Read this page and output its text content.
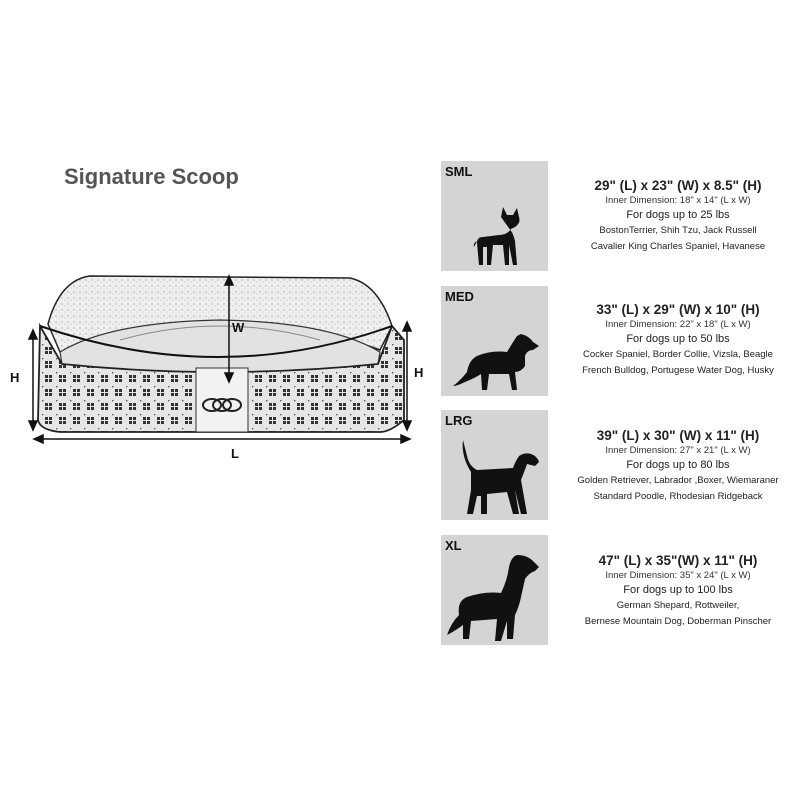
Signature Scoop
W
H	H
L
SML
MED
LRG
XL
29" (L) x 23" (W) x 8.5" (H)
Inner Dimension: 18" x 14" (L x W)
For dogs up to 25 lbs
BostonTerrier, Shih Tzu, Jack Russell
Cavalier King Charles Spaniel, Havanese
33" (L) x 29" (W) x 10" (H)
Inner Dimension: 22" x 18" (L x W)
For dogs up to 50 lbs
Cocker Spaniel, Border Collie, Vizsla, Beagle
French Bulldog, Portugese Water Dog, Husky
39" (L) x 30" (W) x 11" (H)
Inner Dimension: 27" x 21" (L x W)
For dogs up to 80 lbs
Golden Retriever, Labrador ,Boxer, Wiemaraner
Standard Poodle, Rhodesian Ridgeback
47" (L) x 35"(W) x 11" (H)
Inner Dimension: 35" x 24" (L x W)
For dogs up to 100 lbs
German Shepard, Rottweiler,
Bernese Mountain Dog, Doberman Pinscher
